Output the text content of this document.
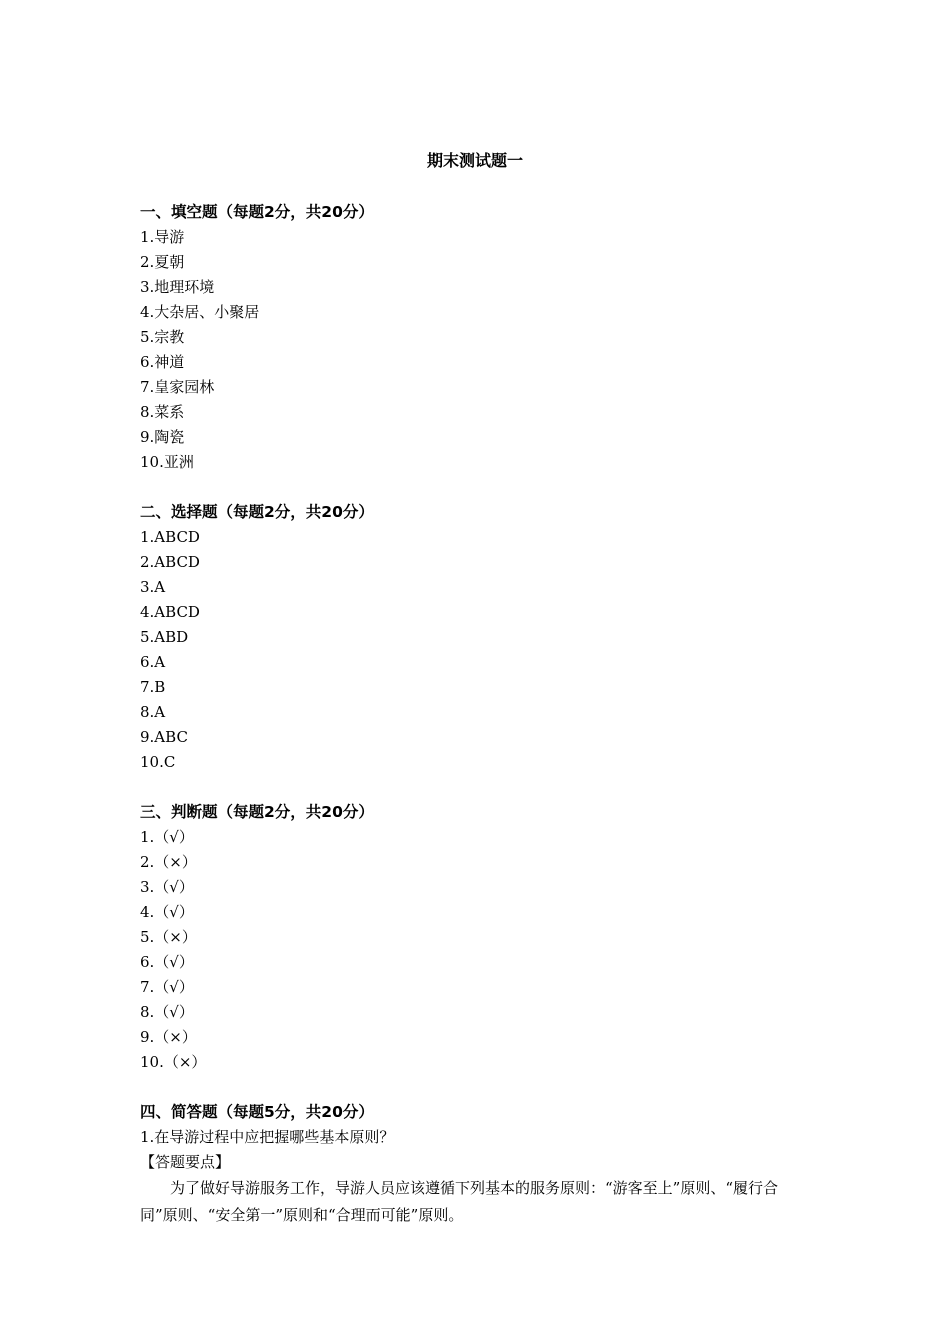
期末测试题一
一、填空题（每题2分，共20分）
1.导游
2.夏朝
3.地理环境
4.大杂居、小聚居
5.宗教
6.神道
7.皇家园林
8.菜系
9.陶瓷
10.亚洲
二、选择题（每题2分，共20分）
1.ABCD
2.ABCD
3.A
4.ABCD
5.ABD
6.A
7.B
8.A
9.ABC
10.C
三、判断题（每题2分，共20分）
1.（√）
2.（×）
3.（√）
4.（√）
5.（×）
6.（√）
7.（√）
8.（√）
9.（×）
10.（×）
四、简答题（每题5分，共20分）
1.在导游过程中应把握哪些基本原则？
【答题要点】
为了做好导游服务工作，导游人员应该遵循下列基本的服务原则：“游客至上”原则、“履行合同”原则、“安全第一”原则和“合理而可能”原则。
